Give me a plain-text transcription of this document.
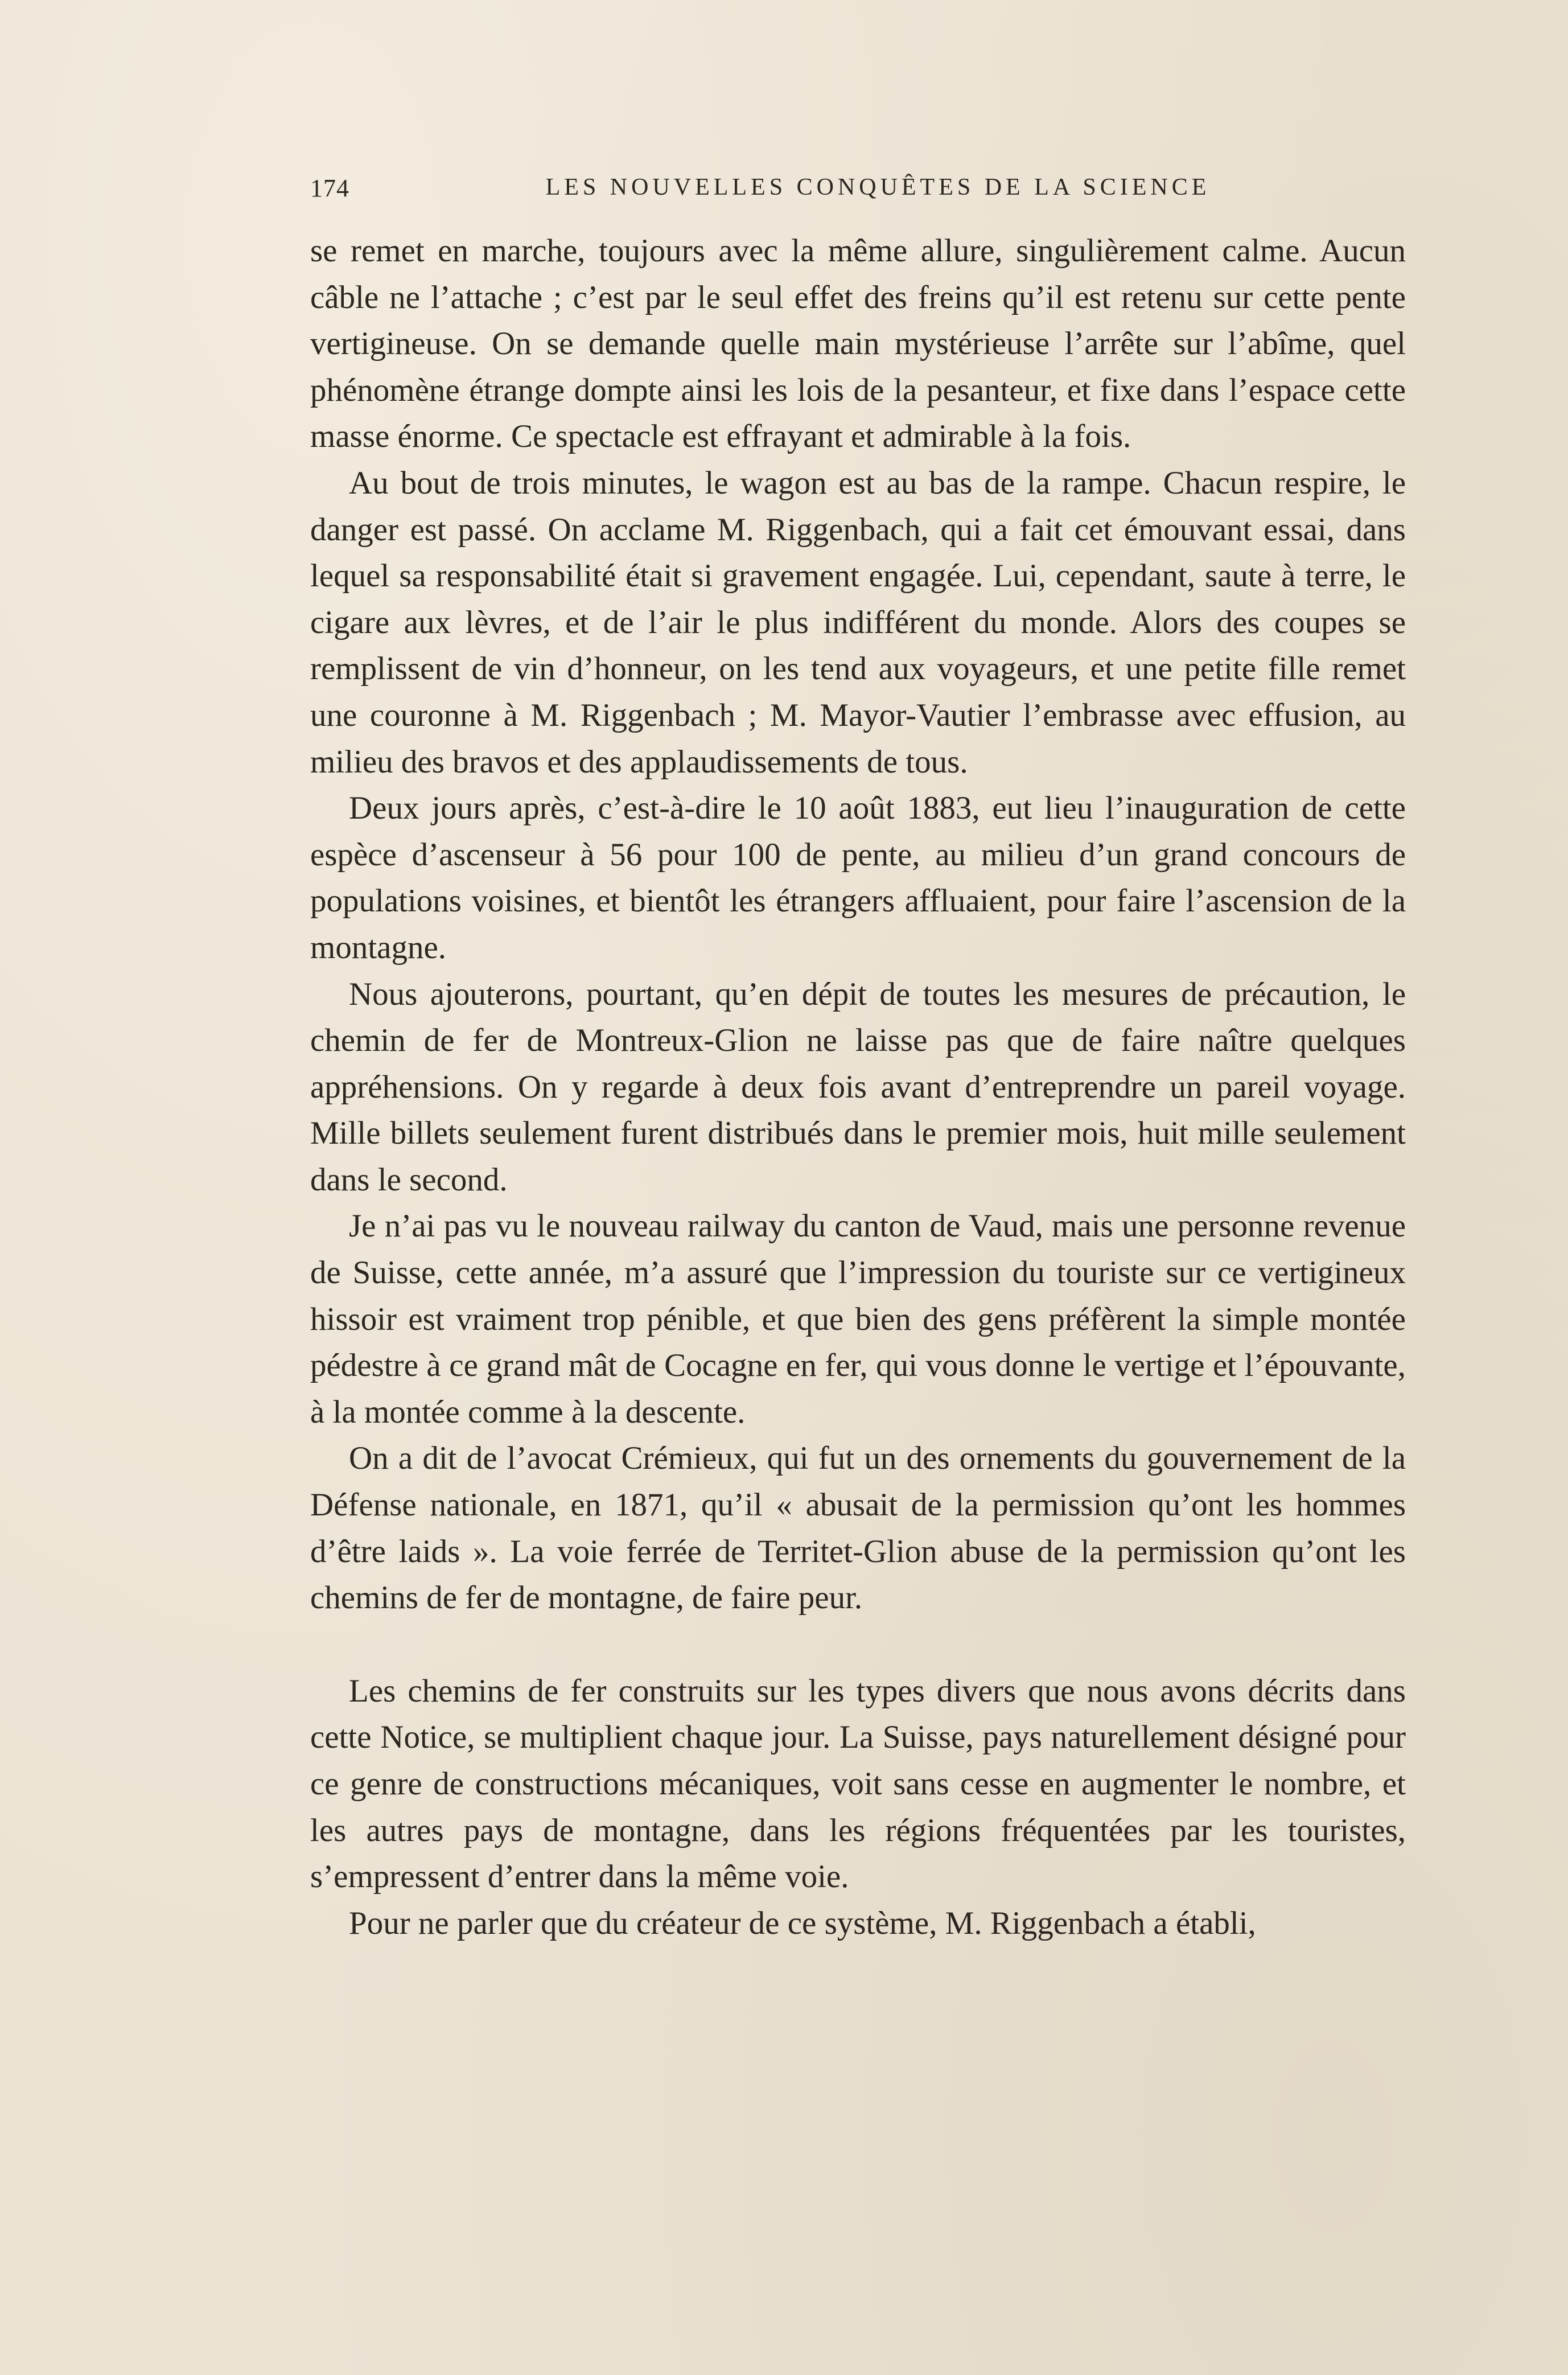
174	LES NOUVELLES CONQUÊTES DE LA SCIENCE

se remet en marche, toujours avec la même allure, singulièrement calme. Aucun câble ne l’attache ; c’est par le seul effet des freins qu’il est retenu sur cette pente vertigineuse. On se demande quelle main mystérieuse l’arrête sur l’abîme, quel phénomène étrange dompte ainsi les lois de la pesanteur, et fixe dans l’espace cette masse énorme. Ce spectacle est effrayant et admirable à la fois.

Au bout de trois minutes, le wagon est au bas de la rampe. Chacun respire, le danger est passé. On acclame M. Riggenbach, qui a fait cet émouvant essai, dans lequel sa responsabilité était si gravement engagée. Lui, cependant, saute à terre, le cigare aux lèvres, et de l’air le plus indifférent du monde. Alors des coupes se remplissent de vin d’honneur, on les tend aux voyageurs, et une petite fille remet une couronne à M. Riggenbach ; M. Mayor-Vautier l’embrasse avec effusion, au milieu des bravos et des applaudissements de tous.

Deux jours après, c’est-à-dire le 10 août 1883, eut lieu l’inauguration de cette espèce d’ascenseur à 56 pour 100 de pente, au milieu d’un grand concours de populations voisines, et bientôt les étrangers affluaient, pour faire l’ascension de la montagne.

Nous ajouterons, pourtant, qu’en dépit de toutes les mesures de précaution, le chemin de fer de Montreux-Glion ne laisse pas que de faire naître quelques appréhensions. On y regarde à deux fois avant d’entreprendre un pareil voyage. Mille billets seulement furent distribués dans le premier mois, huit mille seulement dans le second.

Je n’ai pas vu le nouveau railway du canton de Vaud, mais une personne revenue de Suisse, cette année, m’a assuré que l’impression du touriste sur ce vertigineux hissoir est vraiment trop pénible, et que bien des gens préfèrent la simple montée pédestre à ce grand mât de Cocagne en fer, qui vous donne le vertige et l’épouvante, à la montée comme à la descente.

On a dit de l’avocat Crémieux, qui fut un des ornements du gouvernement de la Défense nationale, en 1871, qu’il « abusait de la permission qu’ont les hommes d’être laids ». La voie ferrée de Territet-Glion abuse de la permission qu’ont les chemins de fer de montagne, de faire peur.

Les chemins de fer construits sur les types divers que nous avons décrits dans cette Notice, se multiplient chaque jour. La Suisse, pays naturellement désigné pour ce genre de constructions mécaniques, voit sans cesse en augmenter le nombre, et les autres pays de montagne, dans les régions fréquentées par les touristes, s’empressent d’entrer dans la même voie.

Pour ne parler que du créateur de ce système, M. Riggenbach a établi,
